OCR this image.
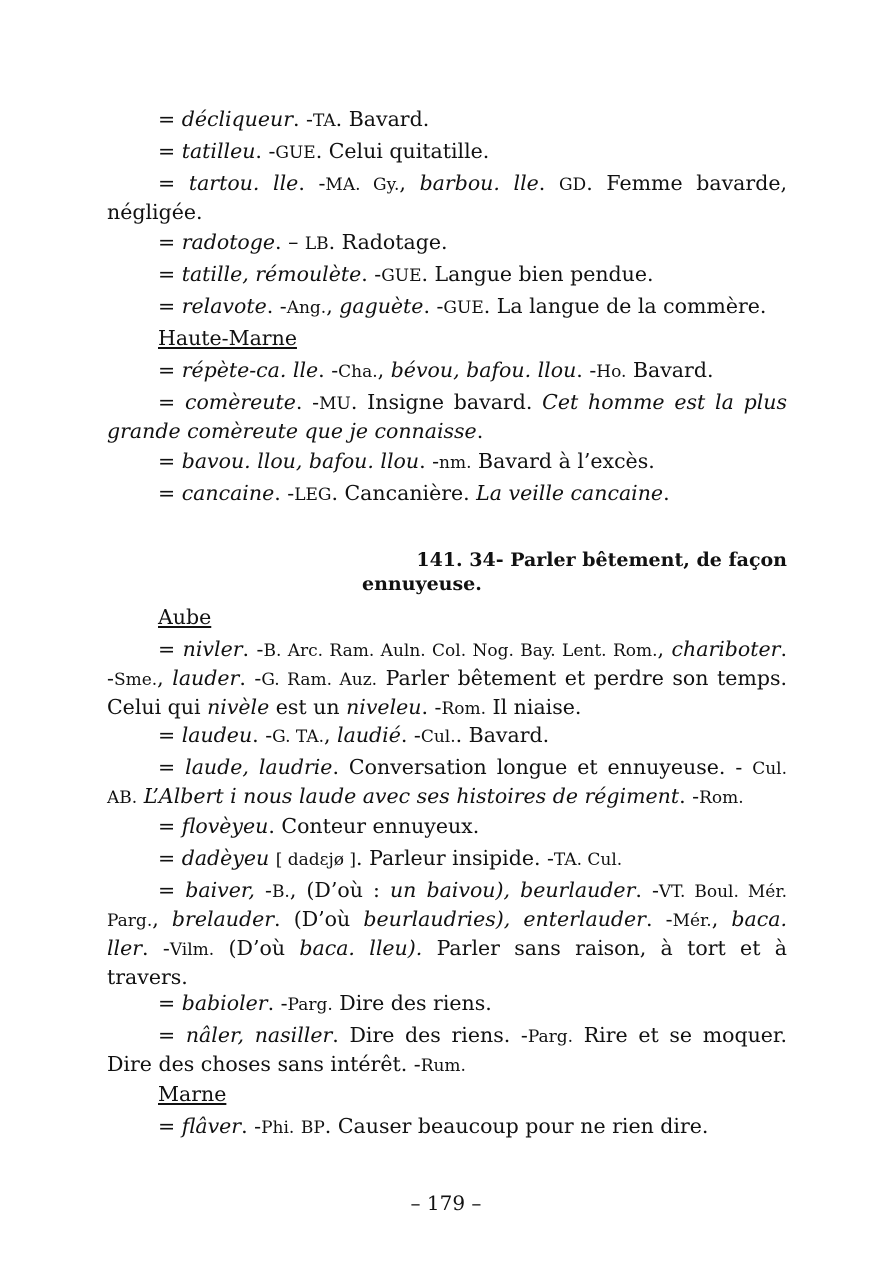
= décliqueur. -TA. Bavard.

= tatilleu. -GUE. Celui quitatille.

= tartou. lle. -MA. Gy., barbou. lle. GD. Femme bavarde, négligée.

= radotoge. – LB. Radotage.

= tatille, rémoulète. -GUE. Langue bien pendue.

= relavote. -Ang., gaguète. -GUE. La langue de la commère.

Haute-Marne

= répète-ca. lle. -Cha., bévou, bafou. llou. -Ho. Bavard.

= comèreute. -MU. Insigne bavard. Cet homme est la plus grande comèreute que je connaisse.

= bavou. llou, bafou. llou. -nm. Bavard à l’excès.

= cancaine. -LEG. Cancanière. La veille cancaine.

141. 34- Parler bêtement, de façon
ennuyeuse.

Aube

= nivler. -B. Arc. Ram. Auln. Col. Nog. Bay. Lent. Rom., chariboter. -Sme., lauder. -G. Ram. Auz. Parler bêtement et perdre son temps. Celui qui nivèle est un niveleu. -Rom. Il niaise.

= laudeu. -G. TA., laudié. -Cul.. Bavard.

= laude, laudrie. Conversation longue et ennuyeuse. - Cul. AB. L’Albert i nous laude avec ses histoires de régiment. -Rom.

= flovèyeu. Conteur ennuyeux.

= dadèyeu [ dadɛjø ]. Parleur insipide. -TA. Cul.

= baiver, -B., (D’où : un baivou), beurlauder. -VT. Boul. Mér. Parg., brelauder. (D’où beurlaudries), enterlauder. -Mér., baca. ller. -Vilm. (D’où baca. lleu). Parler sans raison, à tort et à travers.

= babioler. -Parg. Dire des riens.

= nâler, nasiller. Dire des riens. -Parg. Rire et se moquer. Dire des choses sans intérêt. -Rum.

Marne

= flâver. -Phi. BP. Causer beaucoup pour ne rien dire.

– 179 –
